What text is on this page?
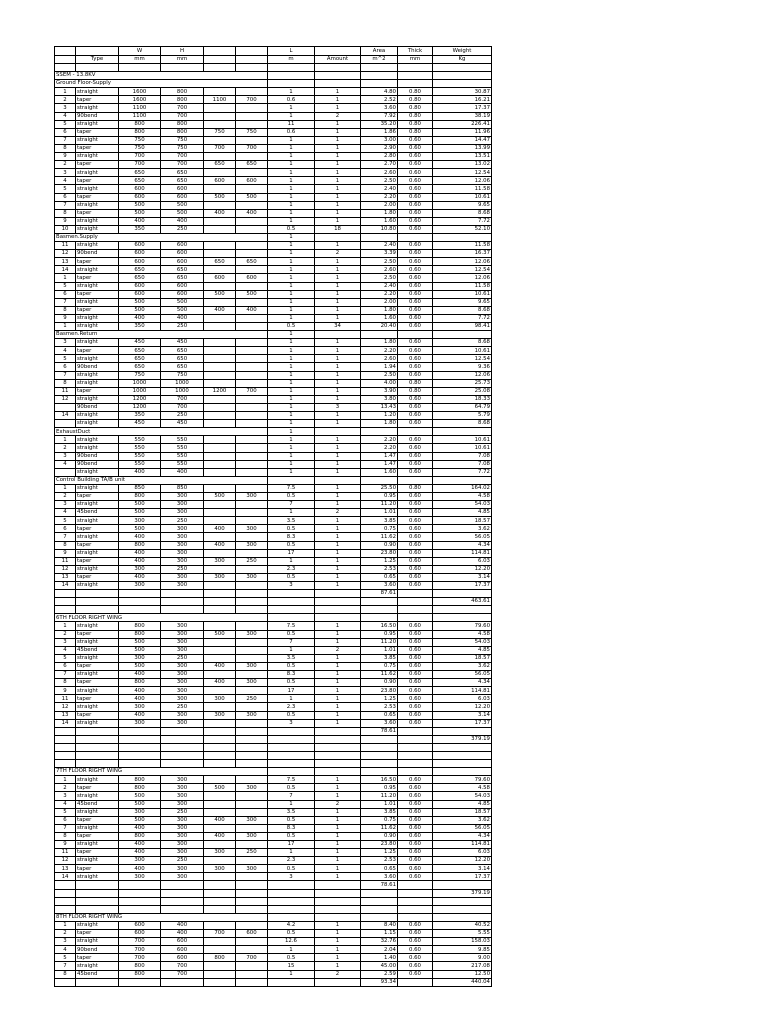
		W	H			L		Area	Thick	Weight
	Type	mm	mm			m	Amount	m^2	mm	Kg

SSEM - 13.8KV										
Ground Floor-Supply										
1	straight	1600	800			1	1	4.80	0.80	30.87
2	taper	1600	800	1100	700	0.6	1	2.52	0.80	16.21
3	straight	1100	700			1	1	3.60	0.80	17.37
4	90bend	1100	700			1	2	7.92	0.80	38.19
5	straight	800	800			11	1	35.20	0.80	226.41
6	taper	800	800	750	750	0.6	1	1.86	0.80	11.96
7	straight	750	750			1	1	3.00	0.60	14.47
8	taper	750	750	700	700	1	1	2.90	0.60	13.99
9	straight	700	700			1	1	2.80	0.60	13.51
2	taper	700	700	650	650	1	1	2.70	0.60	13.02
3	straight	650	650			1	1	2.60	0.60	12.54
4	taper	650	650	600	600	1	1	2.50	0.60	12.06
5	straight	600	600			1	1	2.40	0.60	11.58
6	taper	600	600	500	500	1	1	2.20	0.60	10.61
7	straight	500	500			1	1	2.00	0.60	9.65
8	taper	500	500	400	400	1	1	1.80	0.60	8.68
9	straight	400	400			1	1	1.60	0.60	7.72
10	straight	350	250			0.5	18	10.80	0.60	52.10
Basmen.Supply						1				
11	straight	600	600			1	1	2.40	0.60	11.58
12	90bend	600	600			1	2	3.39	0.60	16.37
13	taper	600	600	650	650	1	1	2.50	0.60	12.06
14	straight	650	650			1	1	2.60	0.60	12.54
1	taper	650	650	600	600	1	1	2.50	0.60	12.06
5	straight	600	600			1	1	2.40	0.60	11.58
6	taper	600	600	500	500	1	1	2.20	0.60	10.61
7	straight	500	500			1	1	2.00	0.60	9.65
8	taper	500	500	400	400	1	1	1.80	0.60	8.68
9	straight	400	400			1	1	1.60	0.60	7.72
1	straight	350	250			0.5	34	20.40	0.60	98.41
Basmen.Return						1				
3	straight	450	450			1	1	1.80	0.60	8.68
4	taper	650	650			1	1	2.20	0.60	10.61
5	straight	650	650			1	1	2.60	0.60	12.54
6	90bend	650	650			1	1	1.94	0.60	9.36
7	straight	750	750			1	1	2.50	0.60	12.06
8	straight	1000	1000			1	1	4.00	0.80	25.73
11	taper	1000	1000	1200	700	1	1	3.90	0.80	25.08
12	straight	1200	700			1	1	3.80	0.60	18.33
	90bend	1200	700			1	3	13.43	0.60	64.79
14	straight	350	250			1	1	1.20	0.60	5.79
	straight	450	450			1	1	1.80	0.60	8.68
ExhaustDuct						1				
1	straight	550	550			1	1	2.20	0.60	10.61
2	straight	550	550			1	1	2.20	0.60	10.61
3	90bend	550	550			1	1	1.47	0.60	7.08
4	90bend	550	550			1	1	1.47	0.60	7.08
	straight	400	400			1	1	1.60	0.60	7.72
Control Building TA/B unit										
1	straight	850	850			7.5	1	25.50	0.80	164.02
2	taper	800	300	500	300	0.5	1	0.95	0.60	4.58
3	straight	500	300			7	1	11.20	0.60	54.03
4	45bend	500	300			1	2	1.01	0.60	4.85
5	straight	300	250			3.5	1	3.85	0.60	18.57
6	taper	500	300	400	300	0.5	1	0.75	0.60	3.62
7	straight	400	300			8.3	1	11.62	0.60	56.05
8	taper	800	300	400	300	0.5	1	0.90	0.60	4.34
9	straight	400	300			17	1	23.80	0.60	114.81
11	taper	400	300	300	250	1	1	1.25	0.60	6.03
12	straight	300	250			2.3	1	2.53	0.60	12.20
13	taper	400	300	300	300	0.5	1	0.65	0.60	3.14
14	straight	300	300			3	1	3.60	0.60	17.37
								87.61		
										463.61

6TH FLOOR RIGHT WING										
1	straight	800	300			7.5	1	16.50	0.60	79.60
2	taper	800	300	500	300	0.5	1	0.95	0.60	4.58
3	straight	500	300			7	1	11.20	0.60	54.03
4	45bend	500	300			1	2	1.01	0.60	4.85
5	straight	300	250			3.5	1	3.85	0.60	18.57
6	taper	500	300	400	300	0.5	1	0.75	0.60	3.62
7	straight	400	300			8.3	1	11.62	0.60	56.05
8	taper	800	300	400	300	0.5	1	0.90	0.60	4.34
9	straight	400	300			17	1	23.80	0.60	114.81
11	taper	400	300	300	250	1	1	1.25	0.60	6.03
12	straight	300	250			2.3	1	2.53	0.60	12.20
13	taper	400	300	300	300	0.5	1	0.65	0.60	3.14
14	straight	300	300			3	1	3.60	0.60	17.37
								78.61		
										379.19

7TH FLOOR RIGHT WING										
1	straight	800	300			7.5	1	16.50	0.60	79.60
2	taper	800	300	500	300	0.5	1	0.95	0.60	4.58
3	straight	500	300			7	1	11.20	0.60	54.03
4	45bend	500	300			1	2	1.01	0.60	4.85
5	straight	300	250			3.5	1	3.85	0.60	18.57
6	taper	500	300	400	300	0.5	1	0.75	0.60	3.62
7	straight	400	300			8.3	1	11.62	0.60	56.05
8	taper	800	300	400	300	0.5	1	0.90	0.60	4.34
9	straight	400	300			17	1	23.80	0.60	114.81
11	taper	400	300	300	250	1	1	1.25	0.60	6.03
12	straight	300	250			2.3	1	2.53	0.60	12.20
13	taper	400	300	300	300	0.5	1	0.65	0.60	3.14
14	straight	300	300			3	1	3.60	0.60	17.37
								78.61		
										379.19

8TH FLOOR RIGHT WING										
1	straight	600	400			4.2	1	8.40	0.60	40.52
2	taper	600	400	700	600	0.5	1	1.15	0.60	5.55
3	straight	700	600			12.6	1	32.76	0.60	158.03
4	90bend	700	600			1	1	2.04	0.60	9.85
5	taper	700	600	800	700	0.5	1	1.40	0.60	9.00
7	straight	800	700			15	1	45.00	0.60	217.08
8	45bend	800	700			1	2	2.59	0.60	12.50
								93.34		440.04
